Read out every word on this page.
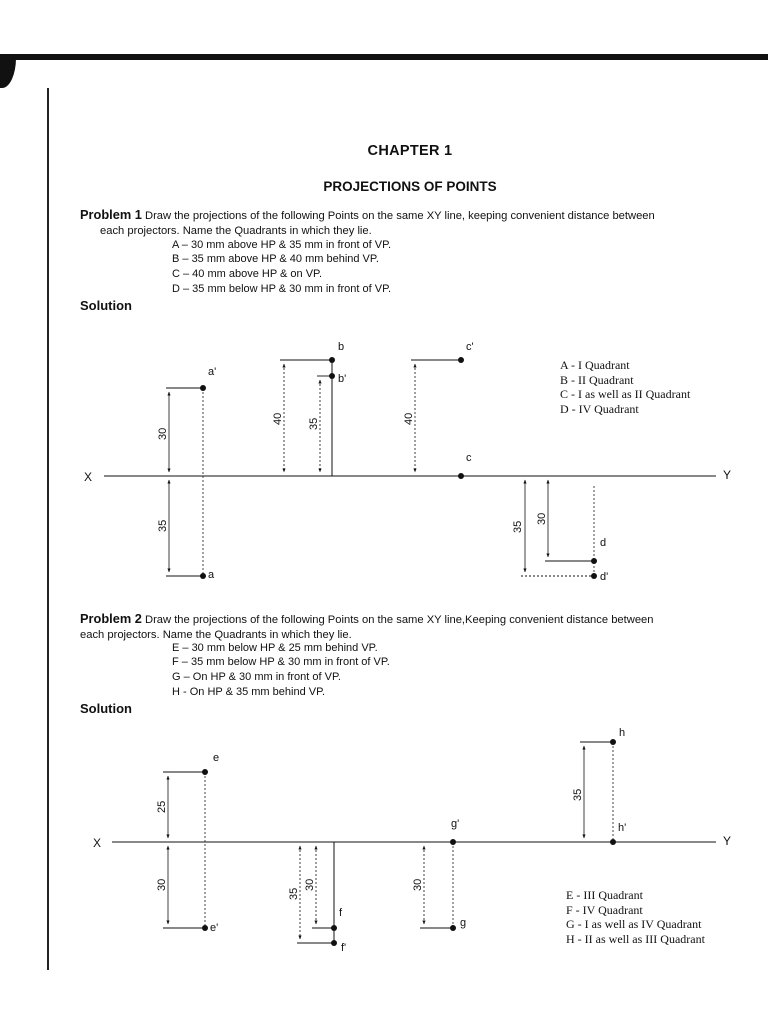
CHAPTER 1
PROJECTIONS OF POINTS
Problem 1 Draw the projections of the following Points on the same XY line, keeping convenient distance between
each projectors. Name the Quadrants in which they lie.
A – 30 mm above HP & 35 mm in front of VP.
B – 35 mm above HP & 40 mm behind VP.
C – 40 mm above HP & on VP.
D – 35 mm below HP & 30 mm in front of VP.
Solution
A - I Quadrant
B - II Quadrant
C - I as well as II Quadrant
D - IV Quadrant
Problem 2 Draw the projections of the following Points on the same XY line,Keeping convenient distance between
each projectors. Name the Quadrants in which they lie.
E – 30 mm below HP & 25 mm behind VP.
F – 35 mm below HP & 30 mm in front of VP.
G – On HP & 30 mm in front of VP.
H - On HP & 35 mm behind VP.
Solution
E - III Quadrant
F - IV Quadrant
G - I as well as IV Quadrant
H - II as well as III Quadrant
X	Y
a'
a
30
35
b
b'
40 35
c'
c
40
d
d'
35
30
X	Y
e
e'
25
30
f
f'
35
30
g'
g
30
h
h'
35
